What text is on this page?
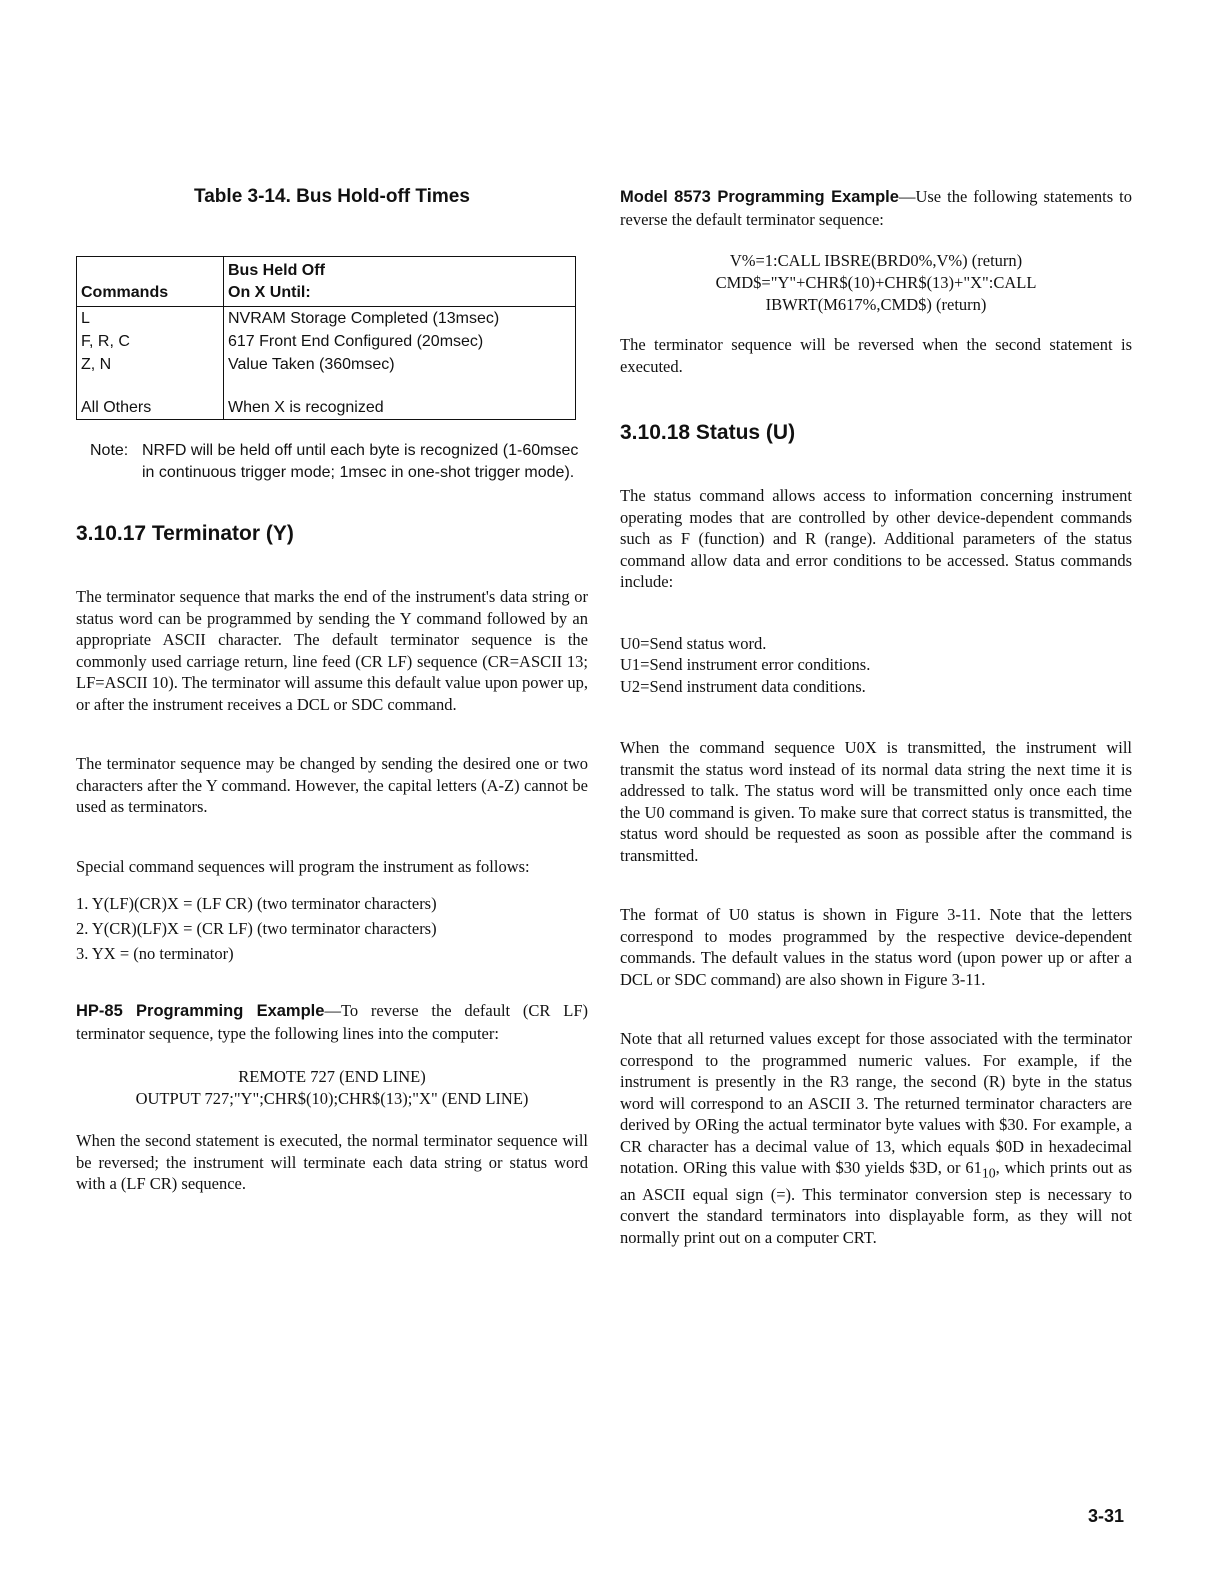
Table 3-14. Bus Hold-off Times
Commands	Bus Held Off
On X Until:
L	NVRAM Storage Completed (13msec)
F, R, C	617 Front End Configured (20msec)
Z, N	Value Taken (360msec)
All Others	When X is recognized
Note: NRFD will be held off until each byte is recognized (1-60msec in continuous trigger mode; 1msec in one-shot trigger mode).
3.10.17 Terminator (Y)

The terminator sequence that marks the end of the instrument's data string or status word can be programmed by sending the Y command followed by an appropriate ASCII character. The default terminator sequence is the commonly used carriage return, line feed (CR LF) sequence (CR=ASCII 13; LF=ASCII 10). The terminator will assume this default value upon power up, or after the instrument receives a DCL or SDC command.

The terminator sequence may be changed by sending the desired one or two characters after the Y command. However, the capital letters (A-Z) cannot be used as terminators.

Special command sequences will program the instrument as follows:

1. Y(LF)(CR)X = (LF CR) (two terminator characters)
2. Y(CR)(LF)X = (CR LF) (two terminator characters)
3. YX = (no terminator)

HP-85 Programming Example—To reverse the default (CR LF) terminator sequence, type the following lines into the computer:

REMOTE 727 (END LINE)
OUTPUT 727;"Y";CHR$(10);CHR$(13);"X" (END LINE)

When the second statement is executed, the normal terminator sequence will be reversed; the instrument will terminate each data string or status word with a (LF CR) sequence.

Model 8573 Programming Example—Use the following statements to reverse the default terminator sequence:

V%=1:CALL IBSRE(BRD0%,V%) (return)
CMD$="Y"+CHR$(10)+CHR$(13)+"X":CALL
IBWRT(M617%,CMD$) (return)

The terminator sequence will be reversed when the second statement is executed.

3.10.18 Status (U)

The status command allows access to information concerning instrument operating modes that are controlled by other device-dependent commands such as F (function) and R (range). Additional parameters of the status command allow data and error conditions to be accessed. Status commands include:

U0=Send status word.
U1=Send instrument error conditions.
U2=Send instrument data conditions.

When the command sequence U0X is transmitted, the instrument will transmit the status word instead of its normal data string the next time it is addressed to talk. The status word will be transmitted only once each time the U0 command is given. To make sure that correct status is transmitted, the status word should be requested as soon as possible after the command is transmitted.

The format of U0 status is shown in Figure 3-11. Note that the letters correspond to modes programmed by the respective device-dependent commands. The default values in the status word (upon power up or after a DCL or SDC command) are also shown in Figure 3-11.

Note that all returned values except for those associated with the terminator correspond to the programmed numeric values. For example, if the instrument is presently in the R3 range, the second (R) byte in the status word will correspond to an ASCII 3. The returned terminator characters are derived by ORing the actual terminator byte values with $30. For example, a CR character has a decimal value of 13, which equals $0D in hexadecimal notation. ORing this value with $30 yields $3D, or $61_{10}$, which prints out as an ASCII equal sign (=). This terminator conversion step is necessary to convert the standard terminators into displayable form, as they will not normally print out on a computer CRT.

3-31
